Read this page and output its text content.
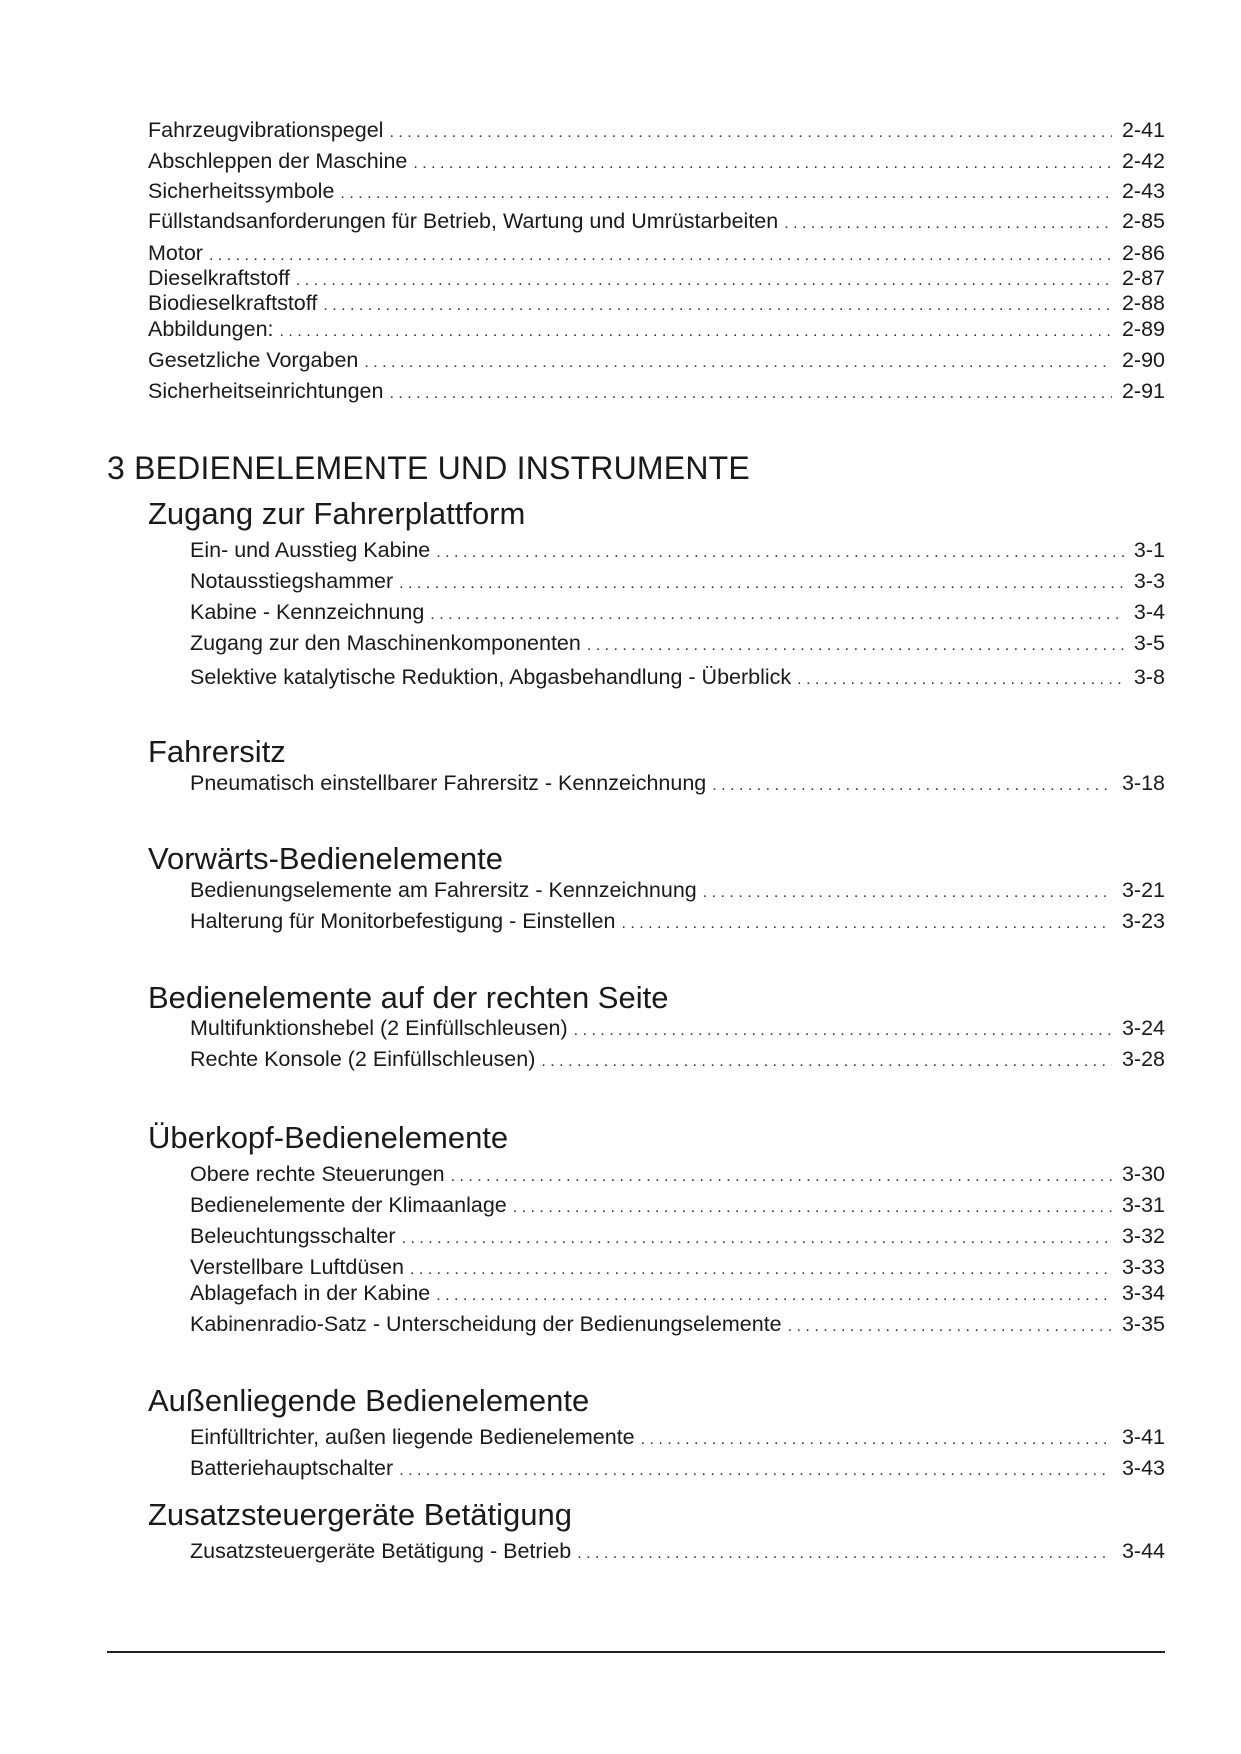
Fahrzeugvibrationspegel . . .	2-41
Abschleppen der Maschine . . .	2-42
Sicherheitssymbole . . .	2-43
Füllstandsanforderungen für Betrieb, Wartung und Umrüstarbeiten . . .	2-85
Motor . . .	2-86
Dieselkraftstoff . . .	2-87
Biodieselkraftstoff . . .	2-88
Abbildungen: . . .	2-89
Gesetzliche Vorgaben . . .	2-90
Sicherheitseinrichtungen . . .	2-91
3 BEDIENELEMENTE UND INSTRUMENTE
Zugang zur Fahrerplattform
Ein- und Ausstieg Kabine . . .	3-1
Notausstiegshammer . . .	3-3
Kabine - Kennzeichnung . . .	3-4
Zugang zur den Maschinenkomponenten . . .	3-5
Selektive katalytische Reduktion, Abgasbehandlung - Überblick . . .	3-8
Fahrersitz
Pneumatisch einstellbarer Fahrersitz - Kennzeichnung . . .	3-18
Vorwärts-Bedienelemente
Bedienungselemente am Fahrersitz - Kennzeichnung . . .	3-21
Halterung für Monitorbefestigung - Einstellen . . .	3-23
Bedienelemente auf der rechten Seite
Multifunktionshebel (2 Einfüllschleusen) . . .	3-24
Rechte Konsole (2 Einfüllschleusen) . . .	3-28
Überkopf-Bedienelemente
Obere rechte Steuerungen . . .	3-30
Bedienelemente der Klimaanlage . . .	3-31
Beleuchtungsschalter . . .	3-32
Verstellbare Luftdüsen . . .	3-33
Ablagefach in der Kabine . . .	3-34
Kabinenradio-Satz - Unterscheidung der Bedienungselemente . . .	3-35
Außenliegende Bedienelemente
Einfülltrichter, außen liegende Bedienelemente . . .	3-41
Batteriehauptschalter . . .	3-43
Zusatzsteuergeräte Betätigung
Zusatzsteuergeräte Betätigung - Betrieb . . .	3-44
